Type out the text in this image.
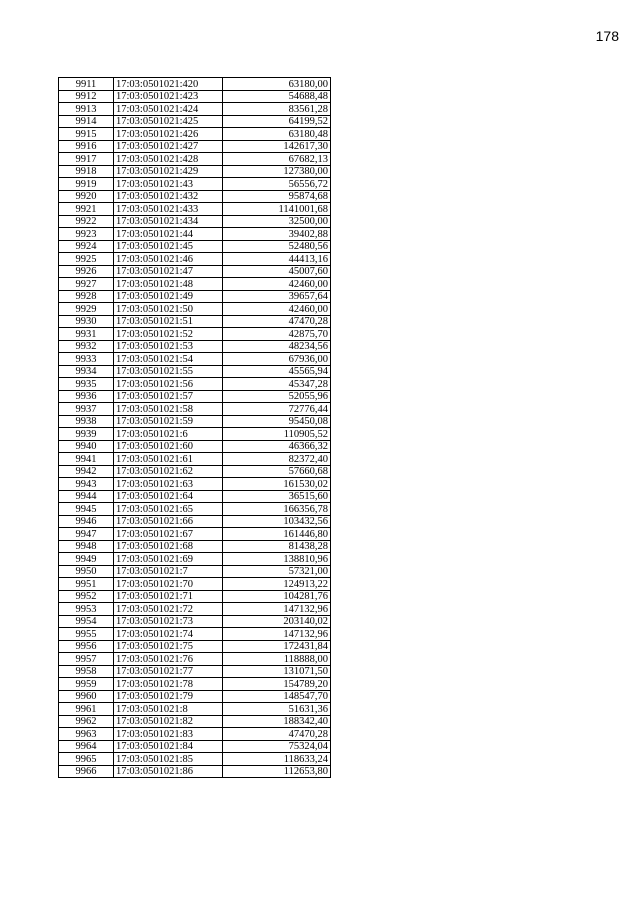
178
9911	17:03:0501021:420	63180,00
9912	17:03:0501021:423	54688,48
9913	17:03:0501021:424	83561,28
9914	17:03:0501021:425	64199,52
9915	17:03:0501021:426	63180,48
9916	17:03:0501021:427	142617,30
9917	17:03:0501021:428	67682,13
9918	17:03:0501021:429	127380,00
9919	17:03:0501021:43	56556,72
9920	17:03:0501021:432	95874,68
9921	17:03:0501021:433	1141001,68
9922	17:03:0501021:434	32500,00
9923	17:03:0501021:44	39402,88
9924	17:03:0501021:45	52480,56
9925	17:03:0501021:46	44413,16
9926	17:03:0501021:47	45007,60
9927	17:03:0501021:48	42460,00
9928	17:03:0501021:49	39657,64
9929	17:03:0501021:50	42460,00
9930	17:03:0501021:51	47470,28
9931	17:03:0501021:52	42875,70
9932	17:03:0501021:53	48234,56
9933	17:03:0501021:54	67936,00
9934	17:03:0501021:55	45565,94
9935	17:03:0501021:56	45347,28
9936	17:03:0501021:57	52055,96
9937	17:03:0501021:58	72776,44
9938	17:03:0501021:59	95450,08
9939	17:03:0501021:6	110905,52
9940	17:03:0501021:60	46366,32
9941	17:03:0501021:61	82372,40
9942	17:03:0501021:62	57660,68
9943	17:03:0501021:63	161530,02
9944	17:03:0501021:64	36515,60
9945	17:03:0501021:65	166356,78
9946	17:03:0501021:66	103432,56
9947	17:03:0501021:67	161446,80
9948	17:03:0501021:68	81438,28
9949	17:03:0501021:69	138810,96
9950	17:03:0501021:7	57321,00
9951	17:03:0501021:70	124913,22
9952	17:03:0501021:71	104281,76
9953	17:03:0501021:72	147132,96
9954	17:03:0501021:73	203140,02
9955	17:03:0501021:74	147132,96
9956	17:03:0501021:75	172431,84
9957	17:03:0501021:76	118888,00
9958	17:03:0501021:77	131071,50
9959	17:03:0501021:78	154789,20
9960	17:03:0501021:79	148547,70
9961	17:03:0501021:8	51631,36
9962	17:03:0501021:82	188342,40
9963	17:03:0501021:83	47470,28
9964	17:03:0501021:84	75324,04
9965	17:03:0501021:85	118633,24
9966	17:03:0501021:86	112653,80
